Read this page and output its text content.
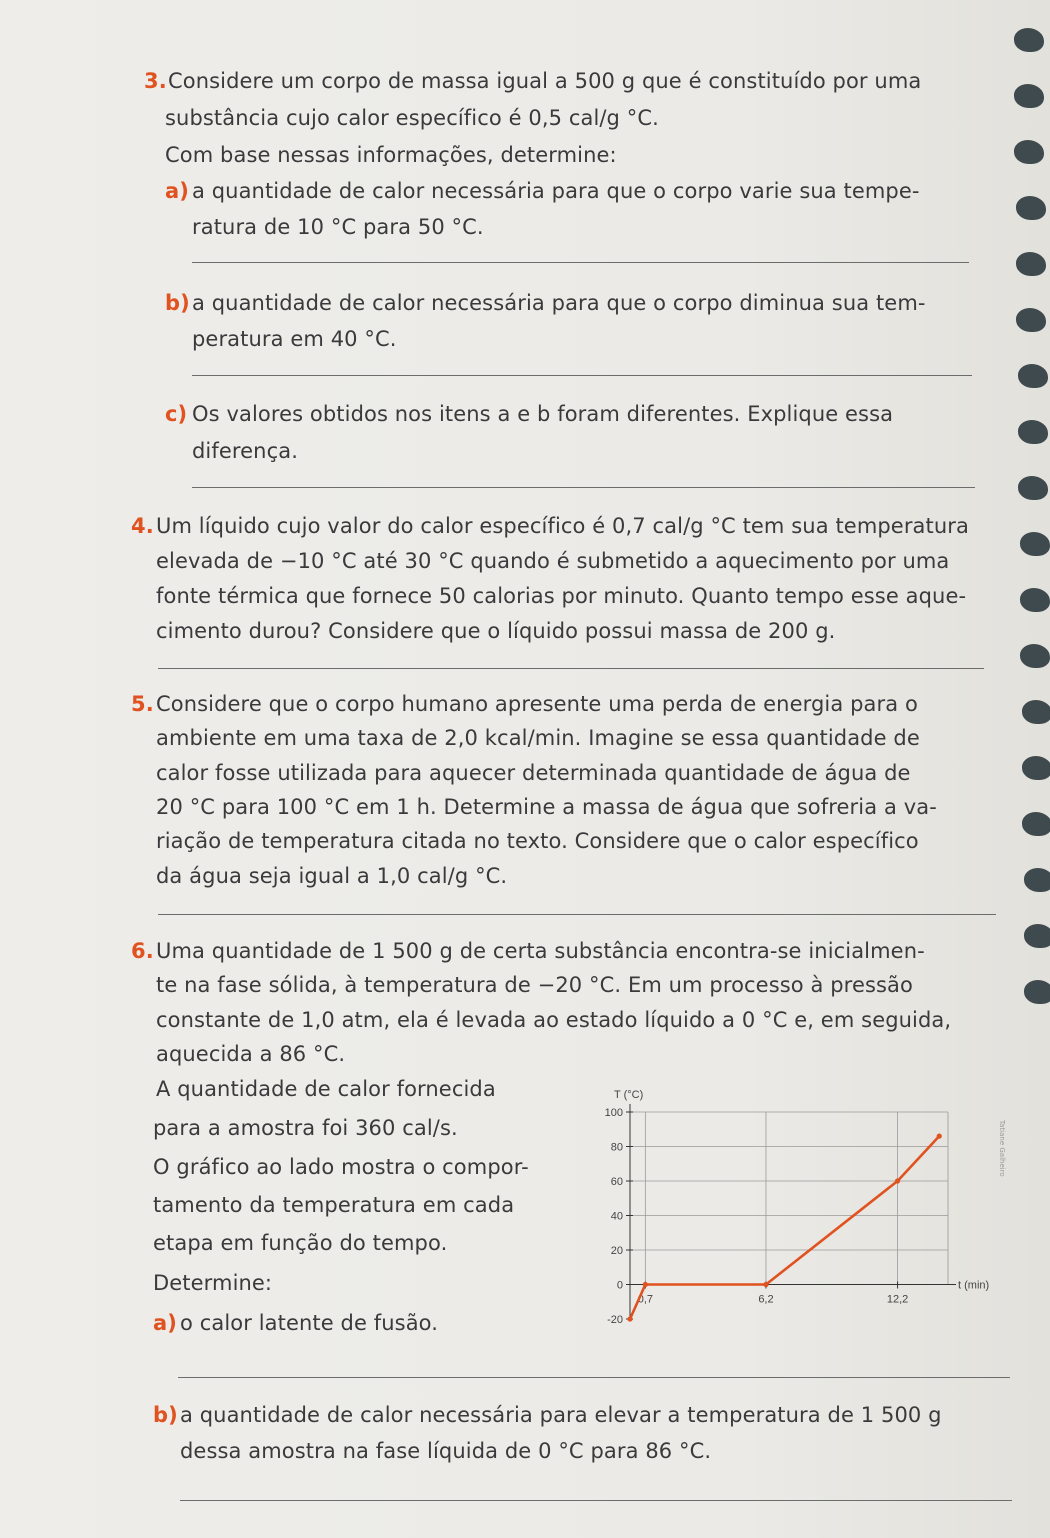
3. Considere um corpo de massa igual a 500 g que é constituído por uma
substância cujo calor específico é 0,5 cal/g °C.
Com base nessas informações, determine:
a) a quantidade de calor necessária para que o corpo varie sua tempe-
ratura de 10 °C para 50 °C.
b) a quantidade de calor necessária para que o corpo diminua sua tem-
peratura em 40 °C.
c) Os valores obtidos nos itens a e b foram diferentes. Explique essa
diferença.
4. Um líquido cujo valor do calor específico é 0,7 cal/g °C tem sua temperatura
elevada de −10 °C até 30 °C quando é submetido a aquecimento por uma
fonte térmica que fornece 50 calorias por minuto. Quanto tempo esse aque-
cimento durou? Considere que o líquido possui massa de 200 g.
5. Considere que o corpo humano apresente uma perda de energia para o
ambiente em uma taxa de 2,0 kcal/min. Imagine se essa quantidade de
calor fosse utilizada para aquecer determinada quantidade de água de
20 °C para 100 °C em 1 h. Determine a massa de água que sofreria a va-
riação de temperatura citada no texto. Considere que o calor específico
da água seja igual a 1,0 cal/g °C.
6. Uma quantidade de 1 500 g de certa substância encontra-se inicialmen-
te na fase sólida, à temperatura de −20 °C. Em um processo à pressão
constante de 1,0 atm, ela é levada ao estado líquido a 0 °C e, em seguida,
aquecida a 86 °C.
A quantidade de calor fornecida
para a amostra foi 360 cal/s.
O gráfico ao lado mostra o compor-
tamento da temperatura em cada
etapa em função do tempo.
Determine:
a) o calor latente de fusão.
b) a quantidade de calor necessária para elevar a temperatura de 1 500 g
dessa amostra na fase líquida de 0 °C para 86 °C.
-20
0
20
40
60
80
100
0,7	6,2	12,2
T (°C)
t (min)
Tatiane Galheiro
